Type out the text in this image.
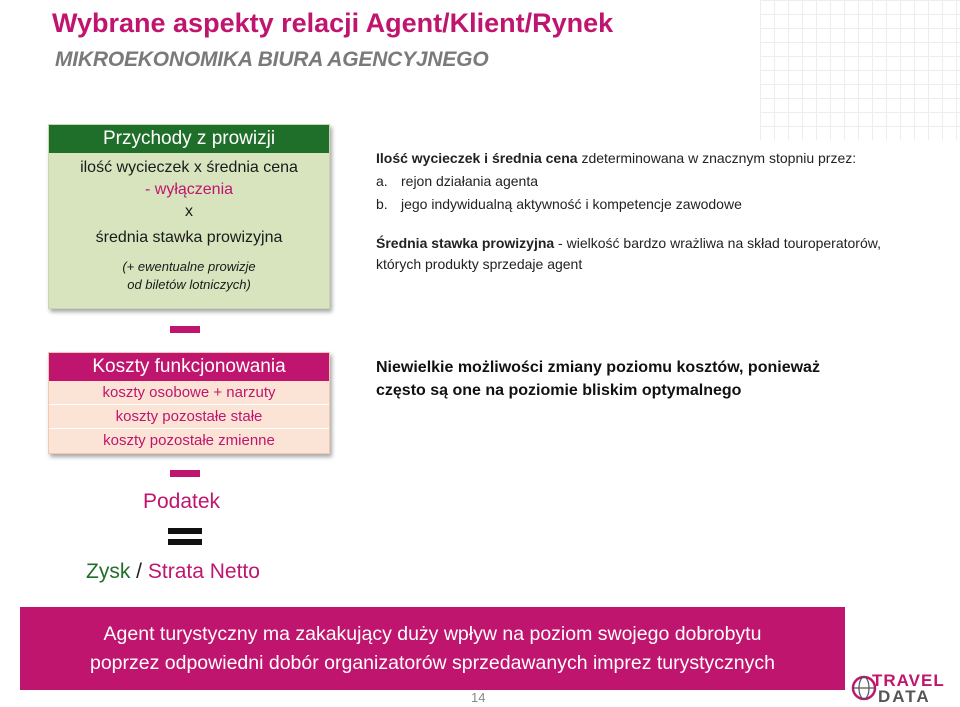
Wybrane aspekty relacji Agent/Klient/Rynek
MIKROEKONOMIKA BIURA AGENCYJNEGO
Przychody z prowizji
ilość wycieczek x średnia cena
- wyłączenia
x
średnia stawka prowizyjna
(+ ewentualne prowizje
od biletów lotniczych)
Koszty funkcjonowania
koszty osobowe + narzuty
koszty pozostałe stałe
koszty pozostałe zmienne
Podatek
Zysk / Strata Netto
Ilość wycieczek i średnia cena zdeterminowana w znacznym stopniu przez:
a. rejon działania agenta
b. jego indywidualną aktywność i kompetencje zawodowe
Średnia stawka prowizyjna - wielkość bardzo wrażliwa na skład touroperatorów,
których produkty sprzedaje agent
Niewielkie możliwości zmiany poziomu kosztów, ponieważ
często są one na poziomie bliskim optymalnego
Agent turystyczny ma zakakujący duży wpływ na poziom swojego dobrobytu
poprzez odpowiedni dobór organizatorów sprzedawanych imprez turystycznych
14
TRAVEL
DATA
